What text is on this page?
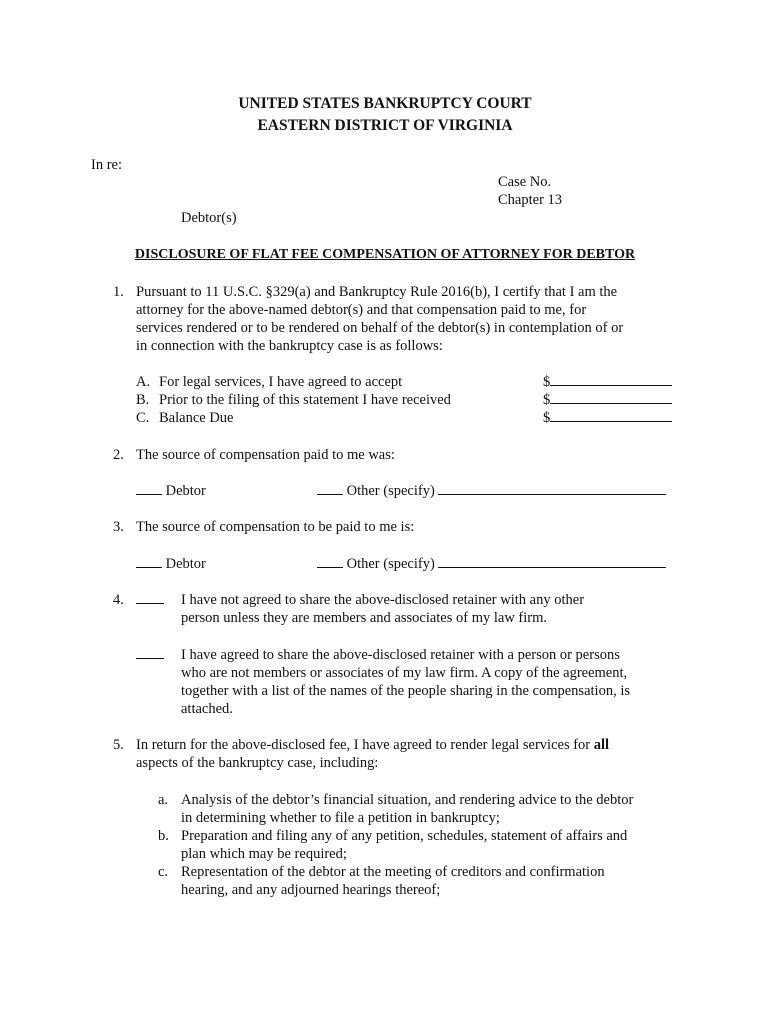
UNITED STATES BANKRUPTCY COURT
EASTERN DISTRICT OF VIRGINIA
In re:
Case No.
Chapter 13
Debtor(s)
DISCLOSURE OF FLAT FEE COMPENSATION OF ATTORNEY FOR DEBTOR
1. Pursuant to 11 U.S.C. §329(a) and Bankruptcy Rule 2016(b), I certify that I am the
attorney for the above-named debtor(s) and that compensation paid to me, for
services rendered or to be rendered on behalf of the debtor(s) in contemplation of or
in connection with the bankruptcy case is as follows:
A. For legal services, I have agreed to accept	$
B. Prior to the filing of this statement I have received	$
C. Balance Due	$
2. The source of compensation paid to me was:
Debtor	Other (specify)
3. The source of compensation to be paid to me is:
Debtor	Other (specify)
4.	I have not agreed to share the above-disclosed retainer with any other
person unless they are members and associates of my law firm.
I have agreed to share the above-disclosed retainer with a person or persons
who are not members or associates of my law firm. A copy of the agreement,
together with a list of the names of the people sharing in the compensation, is
attached.
5. In return for the above-disclosed fee, I have agreed to render legal services for all
aspects of the bankruptcy case, including:
a. Analysis of the debtor’s financial situation, and rendering advice to the debtor
in determining whether to file a petition in bankruptcy;
b. Preparation and filing any of any petition, schedules, statement of affairs and
plan which may be required;
c. Representation of the debtor at the meeting of creditors and confirmation
hearing, and any adjourned hearings thereof;
